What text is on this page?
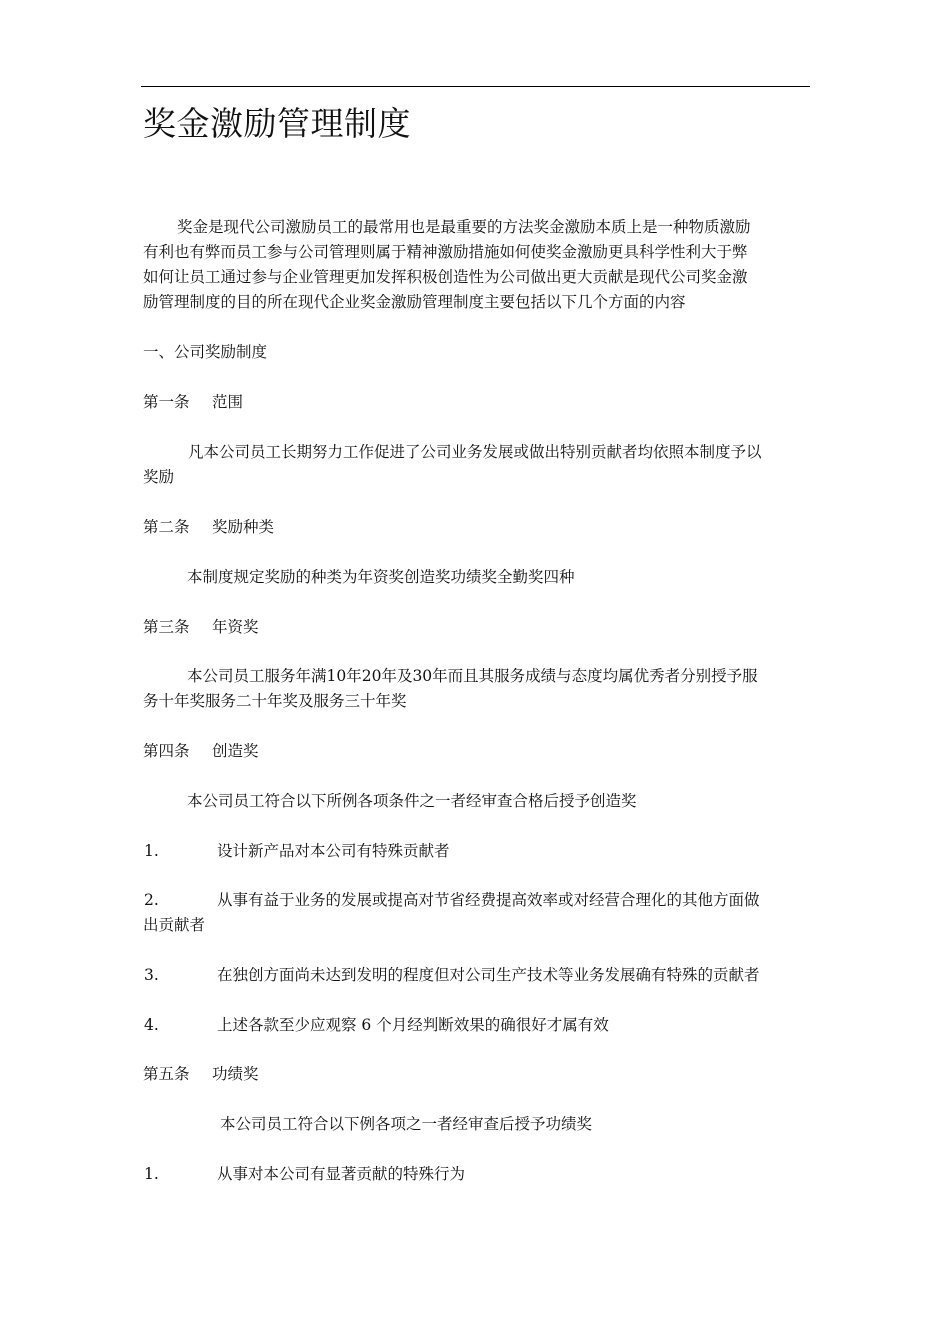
奖金激励管理制度
奖金是现代公司激励员工的最常用也是最重要的方法奖金激励本质上是一种物质激励
有利也有弊而员工参与公司管理则属于精神激励措施如何使奖金激励更具科学性利大于弊
如何让员工通过参与企业管理更加发挥积极创造性为公司做出更大贡献是现代公司奖金激
励管理制度的目的所在现代企业奖金激励管理制度主要包括以下几个方面的内容
一、公司奖励制度
第一条 范围
凡本公司员工长期努力工作促进了公司业务发展或做出特别贡献者均依照本制度予以
奖励
第二条 奖励种类
本制度规定奖励的种类为年资奖创造奖功绩奖全勤奖四种
第三条 年资奖
本公司员工服务年满10年20年及30年而且其服务成绩与态度均属优秀者分别授予服
务十年奖服务二十年奖及服务三十年奖
第四条 创造奖
本公司员工符合以下所例各项条件之一者经审查合格后授予创造奖
1.	设计新产品对本公司有特殊贡献者
2.	从事有益于业务的发展或提高对节省经费提高效率或对经营合理化的其他方面做
出贡献者
3.	在独创方面尚未达到发明的程度但对公司生产技术等业务发展确有特殊的贡献者
4.	上述各款至少应观察 6 个月经判断效果的确很好才属有效
第五条 功绩奖
本公司员工符合以下例各项之一者经审查后授予功绩奖
1.	从事对本公司有显著贡献的特殊行为
